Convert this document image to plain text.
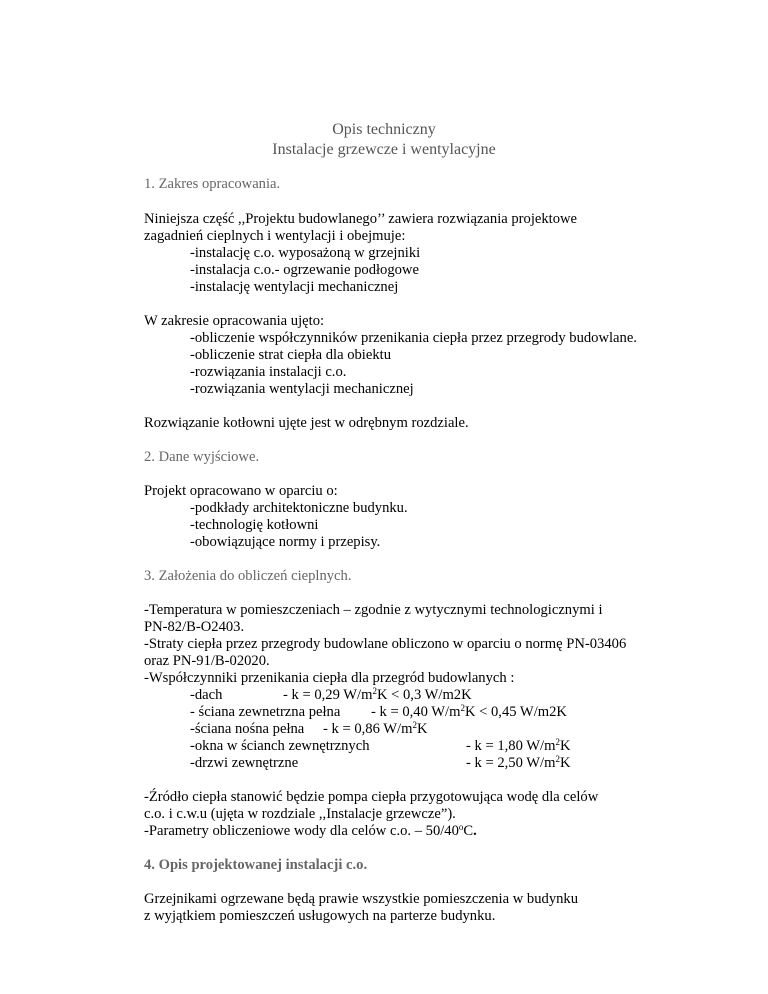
Opis techniczny
Instalacje grzewcze i wentylacyjne
1. Zakres opracowania.
Niniejsza część ,,Projektu budowlanego’’ zawiera rozwiązania projektowe
zagadnień cieplnych i wentylacji i obejmuje:
-instalację c.o. wyposażoną w grzejniki
-instalacja c.o.- ogrzewanie podłogowe
-instalację wentylacji mechanicznej
W zakresie opracowania ujęto:
-obliczenie współczynników przenikania ciepła przez przegrody budowlane.
-obliczenie strat ciepła dla obiektu
-rozwiązania instalacji c.o.
-rozwiązania wentylacji mechanicznej
Rozwiązanie kotłowni ujęte jest w odrębnym rozdziale.
2. Dane wyjściowe.
Projekt opracowano w oparciu o:
-podkłady architektoniczne budynku.
-technologię kotłowni
-obowiązujące normy i przepisy.
3. Założenia do obliczeń cieplnych.
-Temperatura w pomieszczeniach – zgodnie z wytycznymi technologicznymi i
PN-82/B-O2403.
-Straty ciepła przez przegrody budowlane obliczono w oparciu o normę PN-03406
oraz PN-91/B-02020.
-Współczynniki przenikania ciepła dla przegród budowlanych :
-dach	- k = 0,29 $W/m^2K < 0,3$ W/m2K
- ściana zewnetrzna pełna - k = 0,40 $W/m^2K < 0,45$ W/m2K
-ściana nośna pełna - k = 0,86 $W/m^2K$
-okna w ścianch zewnętrznych	- k = 1,80 $W/m^2K$
-drzwi zewnętrzne	- k = 2,50 $W/m^2K$
-Źródło ciepła stanowić będzie pompa ciepła przygotowująca wodę dla celów
c.o. i c.w.u (ujęta w rozdziale ,,Instalacje grzewcze”).
-Parametry obliczeniowe wody dla celów c.o. – 50/40$^o$C.
4. Opis projektowanej instalacji c.o.
Grzejnikami ogrzewane będą prawie wszystkie pomieszczenia w budynku
z wyjątkiem pomieszczeń usługowych na parterze budynku.
